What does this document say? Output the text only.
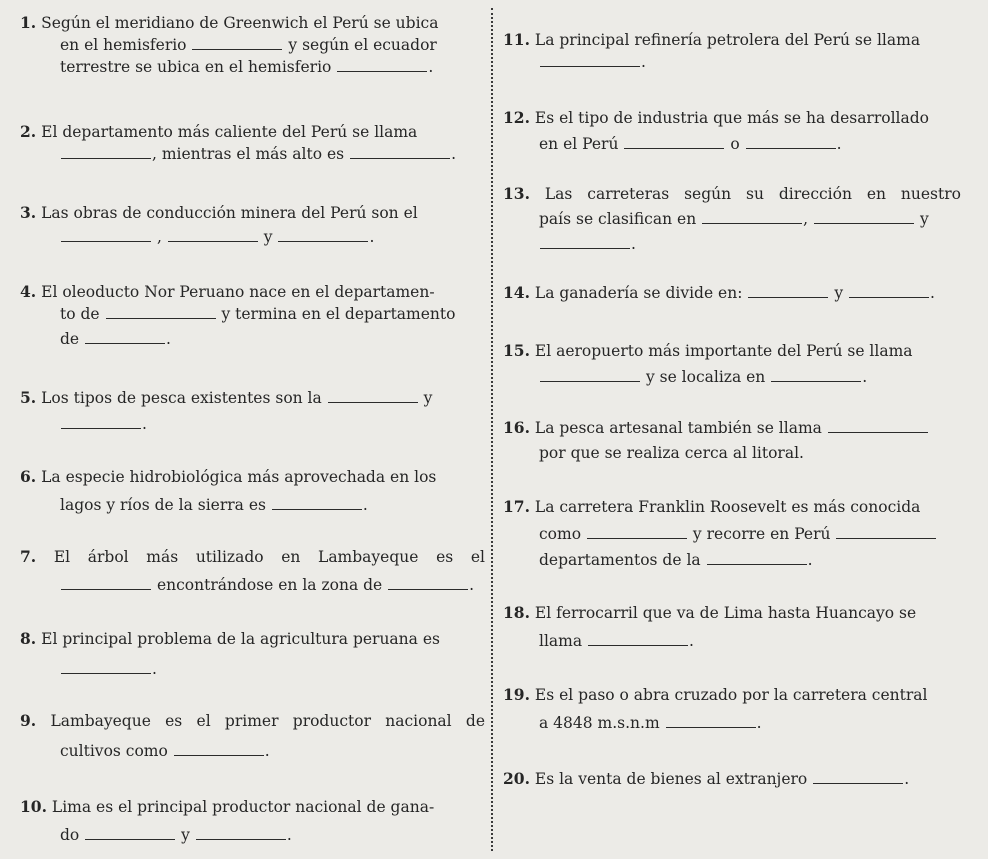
1. Según el meridiano de Greenwich el Perú se ubica
en el hemisferio	y según el ecuador
terrestre se ubica en el hemisferio	.
2. El departamento más caliente del Perú se llama
, mientras el más alto es	.
3. Las obras de conducción minera del Perú son el
,	y	.
4. El oleoducto Nor Peruano nace en el departamen-
to de	y termina en el departamento
de	.
5. Los tipos de pesca existentes son la	y
.
6. La especie hidrobiológica más aprovechada en los
lagos y ríos de la sierra es	.
7. El árbol más utilizado en Lambayeque es el
encontrándose en la zona de	.
8. El principal problema de la agricultura peruana es
.
9. Lambayeque es el primer productor nacional de
cultivos como	.
10. Lima es el principal productor nacional de gana-
do	y	.
11. La principal refinería petrolera del Perú se llama
.
12. Es el tipo de industria que más se ha desarrollado
en el Perú	o	.
13. Las carreteras según su dirección en nuestro
país se clasifican en	,	y
.
14. La ganadería se divide en:	y	.
15. El aeropuerto más importante del Perú se llama
y se localiza en	.
16. La pesca artesanal también se llama
por que se realiza cerca al litoral.
17. La carretera Franklin Roosevelt es más conocida
como	y recorre en Perú
departamentos de la	.
18. El ferrocarril que va de Lima hasta Huancayo se
llama	.
19. Es el paso o abra cruzado por la carretera central
a 4848 m.s.n.m	.
20. Es la venta de bienes al extranjero	.
